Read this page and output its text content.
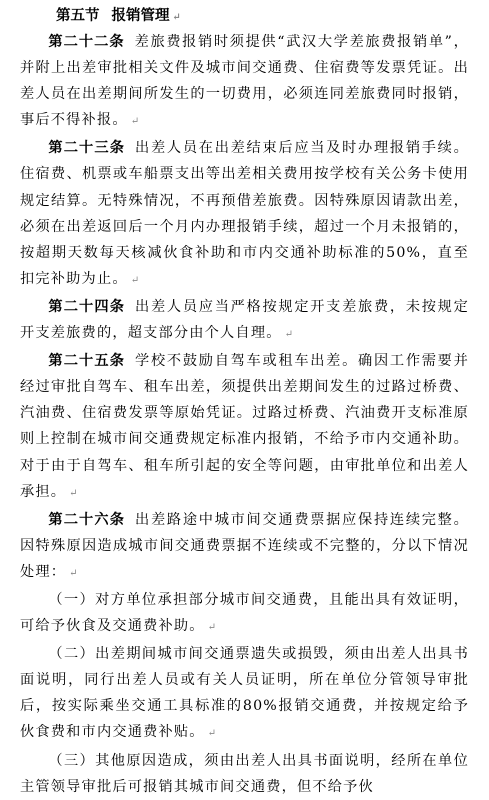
第五节 报销管理 ↵

第二十二条 差旅费报销时须提供“武汉大学差旅费报销单”，并附上出差审批相关文件及城市间交通费、住宿费等发票凭证。出差人员在出差期间所发生的一切费用，必须连同差旅费同时报销，事后不得补报。 ↵

第二十三条 出差人员在出差结束后应当及时办理报销手续。住宿费、机票或车船票支出等出差相关费用按学校有关公务卡使用规定结算。无特殊情况，不再预借差旅费。因特殊原因请款出差，必须在出差返回后一个月内办理报销手续，超过一个月未报销的，按超期天数每天核减伙食补助和市内交通补助标准的50%，直至扣完补助为止。 ↵

第二十四条 出差人员应当严格按规定开支差旅费，未按规定开支差旅费的，超支部分由个人自理。 ↵

第二十五条 学校不鼓励自驾车或租车出差。确因工作需要并经过审批自驾车、租车出差，须提供出差期间发生的过路过桥费、汽油费、住宿费发票等原始凭证。过路过桥费、汽油费开支标准原则上控制在城市间交通费规定标准内报销，不给予市内交通补助。对于由于自驾车、租车所引起的安全等问题，由审批单位和出差人承担。 ↵

第二十六条 出差路途中城市间交通费票据应保持连续完整。因特殊原因造成城市间交通费票据不连续或不完整的，分以下情况处理： ↵

（一）对方单位承担部分城市间交通费，且能出具有效证明，可给予伙食及交通费补助。 ↵

（二）出差期间城市间交通票遗失或损毁，须由出差人出具书面说明，同行出差人员或有关人员证明，所在单位分管领导审批后，按实际乘坐交通工具标准的80%报销交通费，并按规定给予伙食费和市内交通费补贴。 ↵

（三）其他原因造成，须由出差人出具书面说明，经所在单位主管领导审批后可报销其城市间交通费，但不给予伙
